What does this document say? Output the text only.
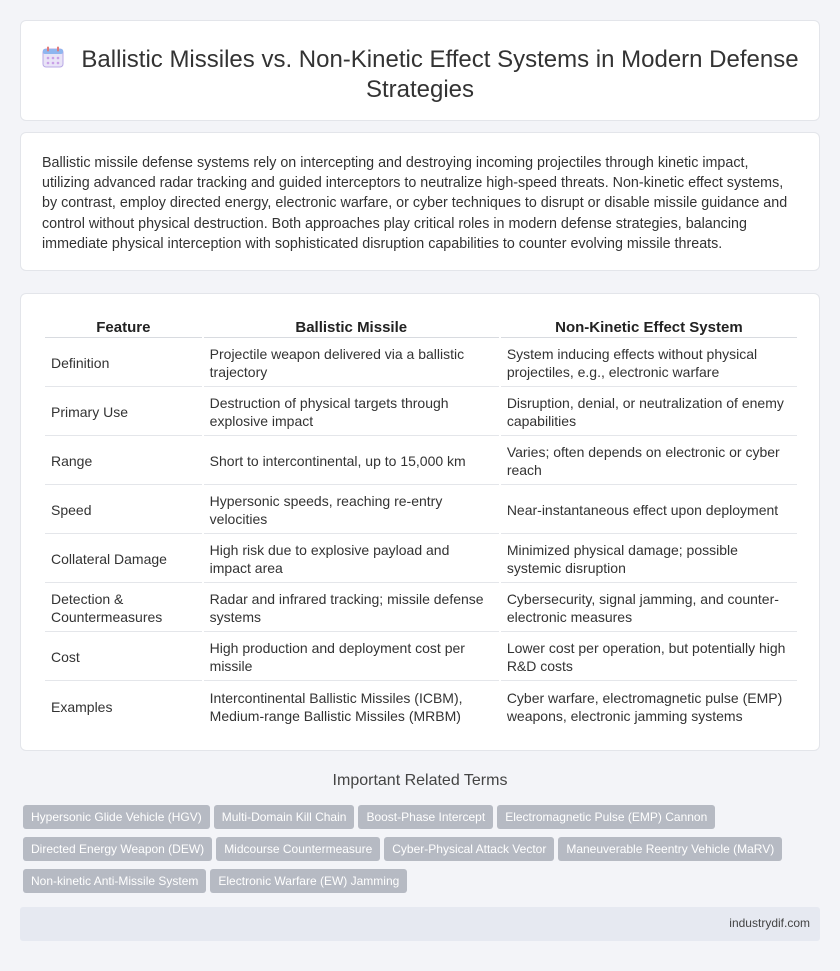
Ballistic Missiles vs. Non-Kinetic Effect Systems in Modern Defense Strategies

Ballistic missile defense systems rely on intercepting and destroying incoming projectiles through kinetic impact, utilizing advanced radar tracking and guided interceptors to neutralize high-speed threats. Non-kinetic effect systems, by contrast, employ directed energy, electronic warfare, or cyber techniques to disrupt or disable missile guidance and control without physical destruction. Both approaches play critical roles in modern defense strategies, balancing immediate physical interception with sophisticated disruption capabilities to counter evolving missile threats.

Feature	Ballistic Missile	Non-Kinetic Effect System
Definition	Projectile weapon delivered via a ballistic trajectory	System inducing effects without physical projectiles, e.g., electronic warfare
Primary Use	Destruction of physical targets through explosive impact	Disruption, denial, or neutralization of enemy capabilities
Range	Short to intercontinental, up to 15,000 km	Varies; often depends on electronic or cyber reach
Speed	Hypersonic speeds, reaching re-entry velocities	Near-instantaneous effect upon deployment
Collateral Damage	High risk due to explosive payload and impact area	Minimized physical damage; possible systemic disruption
Detection & Countermeasures	Radar and infrared tracking; missile defense systems	Cybersecurity, signal jamming, and counter-electronic measures
Cost	High production and deployment cost per missile	Lower cost per operation, but potentially high R&D costs
Examples	Intercontinental Ballistic Missiles (ICBM), Medium-range Ballistic Missiles (MRBM)	Cyber warfare, electromagnetic pulse (EMP) weapons, electronic jamming systems
Important Related Terms
Hypersonic Glide Vehicle (HGV) Multi-Domain Kill Chain Boost-Phase Intercept Electromagnetic Pulse (EMP) Cannon
Directed Energy Weapon (DEW) Midcourse Countermeasure Cyber-Physical Attack Vector Maneuverable Reentry Vehicle (MaRV)
Non-kinetic Anti-Missile System Electronic Warfare (EW) Jamming
industrydif.com
